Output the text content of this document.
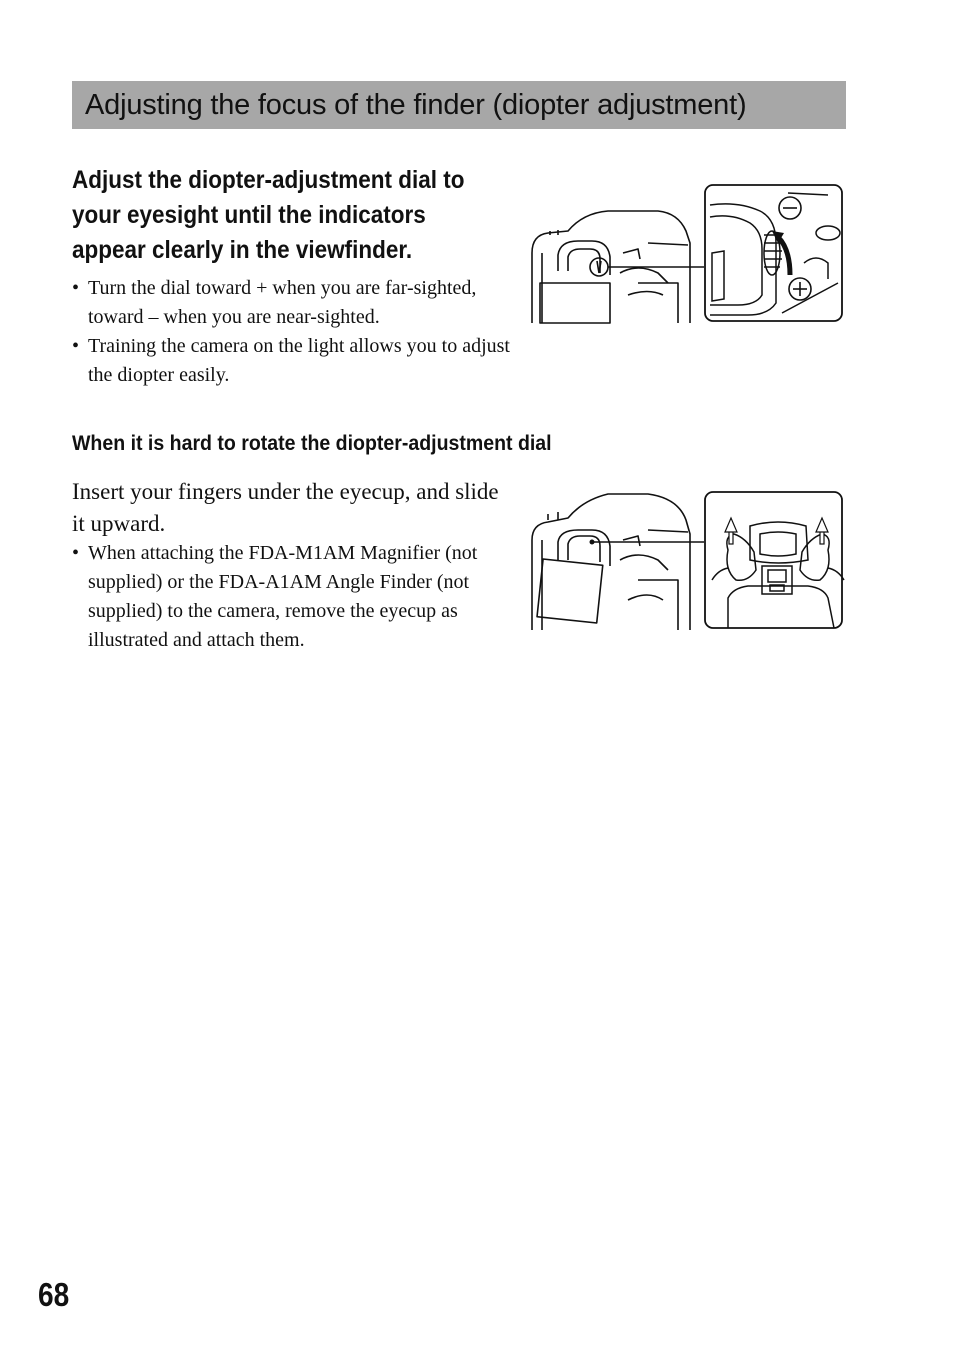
Adjusting the focus of the finder (diopter adjustment)
Adjust the diopter-adjustment dial to your eyesight until the indicators appear clearly in the viewfinder.
• Turn the dial toward + when you are far-sighted, toward – when you are near-sighted.
• Training the camera on the light allows you to adjust the diopter easily.
When it is hard to rotate the diopter-adjustment dial
Insert your fingers under the eyecup, and slide it upward.
• When attaching the FDA-M1AM Magnifier (not supplied) or the FDA-A1AM Angle Finder (not supplied) to the camera, remove the eyecup as illustrated and attach them.
68
